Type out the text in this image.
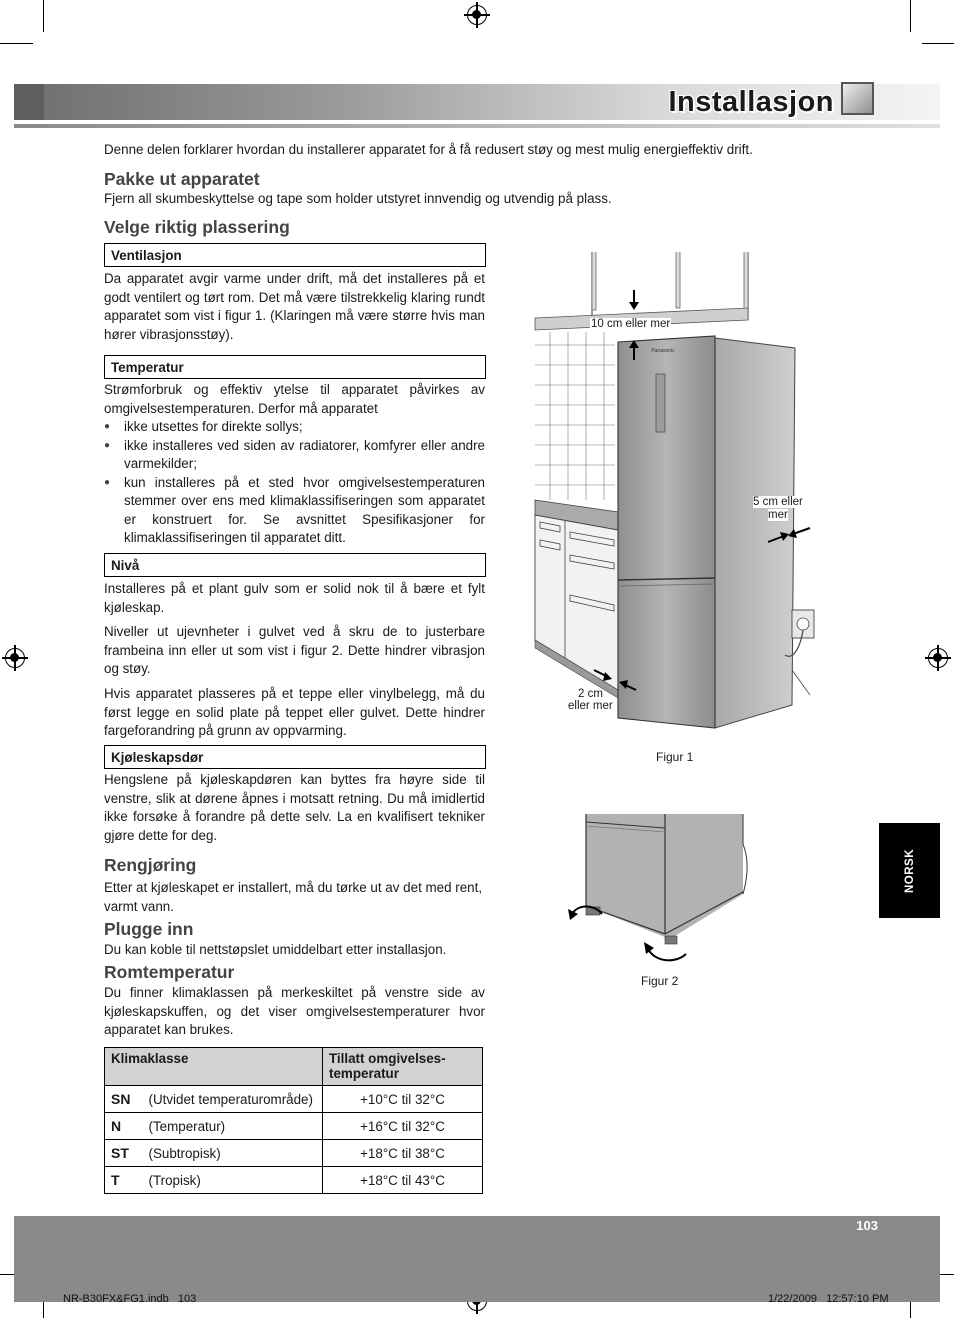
Installasjon
Denne delen forklarer hvordan du installerer apparatet for å få redusert støy og mest mulig energieffektiv drift.
Pakke ut apparatet
Fjern all skumbeskyttelse og tape som holder utstyret innvendig og utvendig på plass.
Velge riktig plassering
Ventilasjon
Da apparatet avgir varme under drift, må det installeres på et godt ventilert og tørt rom. Det må være tilstrekkelig klaring rundt apparatet som vist i figur 1. (Klaringen må være større hvis man hører vibrasjonsstøy).
Temperatur
Strømforbruk og effektiv ytelse til apparatet påvirkes av omgivelsestemperaturen. Derfor må apparatet
● ikke utsettes for direkte sollys;
● ikke installeres ved siden av radiatorer, komfyrer eller andre varmekilder;
● kun installeres på et sted hvor omgivelsestemperaturen stemmer over ens med klimaklassifiseringen som apparatet er konstruert for. Se avsnittet Spesifikasjoner for klimaklassifiseringen til apparatet ditt.
Nivå
Installeres på et plant gulv som er solid nok til å bære et fylt kjøleskap.
Niveller ut ujevnheter i gulvet ved å skru de to justerbare frambeina inn eller ut som vist i figur 2. Dette hindrer vibrasjon og støy.
Hvis apparatet plasseres på et teppe eller vinylbelegg, må du først legge en solid plate på teppet eller gulvet. Dette hindrer fargeforandring på grunn av oppvarming.
Kjøleskapsdør
Hengslene på kjøleskapdøren kan byttes fra høyre side til venstre, slik at dørene åpnes i motsatt retning. Du må imidlertid ikke forsøke å forandre på dette selv. La en kvalifisert tekniker gjøre dette for deg.
Rengjøring
Etter at kjøleskapet er installert, må du tørke ut av det med rent, varmt vann.
Plugge inn
Du kan koble til nettstøpslet umiddelbart etter installasjon.
Romtemperatur
Du finner klimaklassen på merkeskiltet på venstre side av kjøleskapskuffen, og det viser omgivelsestemperaturer hvor apparatet kan brukes.
Klimaklasse		Tillatt omgivelses-temperatur
SN	(Utvidet temperaturområde)	+10°C til 32°C
N	(Temperatur)	+16°C til 32°C
ST	(Subtropisk)	+18°C til 38°C
T	(Tropisk)	+18°C til 43°C
Panasonic
10 cm eller mer
5 cm eller
mer
2 cm
eller mer
Figur 1
Figur 2
NORSK
103
NR-B30FX&FG1.indb   103	1/22/2009   12:57:10 PM
